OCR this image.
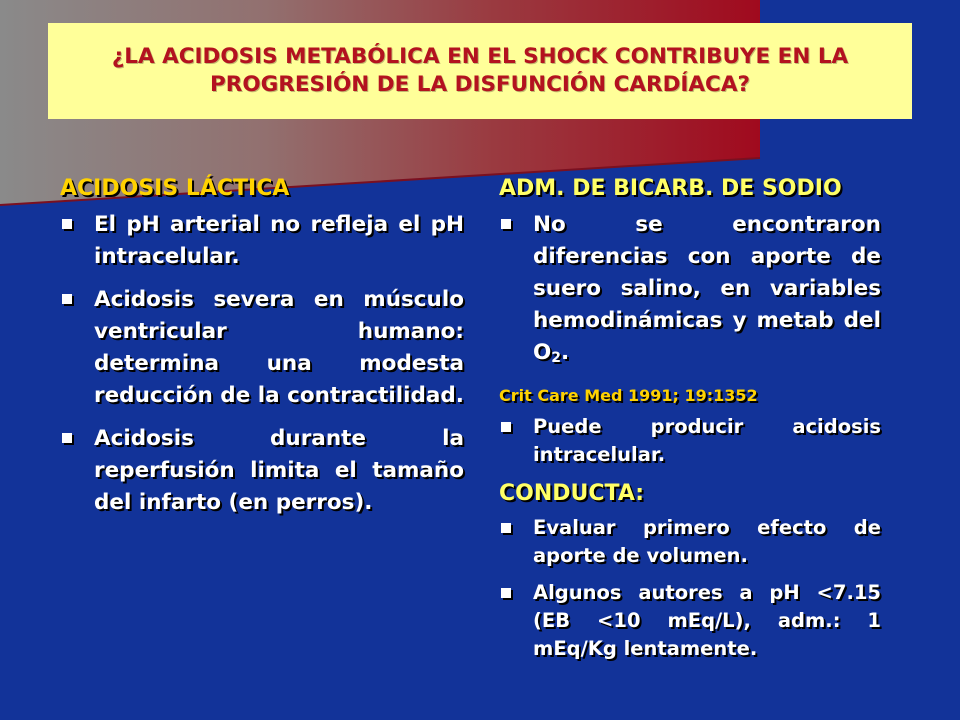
¿LA ACIDOSIS METABÓLICA EN EL SHOCK CONTRIBUYE EN LA
PROGRESIÓN DE LA DISFUNCIÓN CARDÍACA?
ACIDOSIS LÁCTICA
El pH arterial no refleja el pH intracelular.
Acidosis severa en músculo ventricular humano: determina una modesta reducción de la contractilidad.
Acidosis durante la reperfusión limita el tamaño del infarto (en perros).
ADM. DE BICARB. DE SODIO
No se encontraron diferencias con aporte de suero salino, en variables hemodinámicas y metab del $O_2$.
Crit Care Med 1991; 19:1352
Puede producir acidosis intracelular.
CONDUCTA:
Evaluar primero efecto de aporte de volumen.
Algunos autores a pH <7.15 (EB <10 mEq/L), adm.: 1 mEq/Kg lentamente.
